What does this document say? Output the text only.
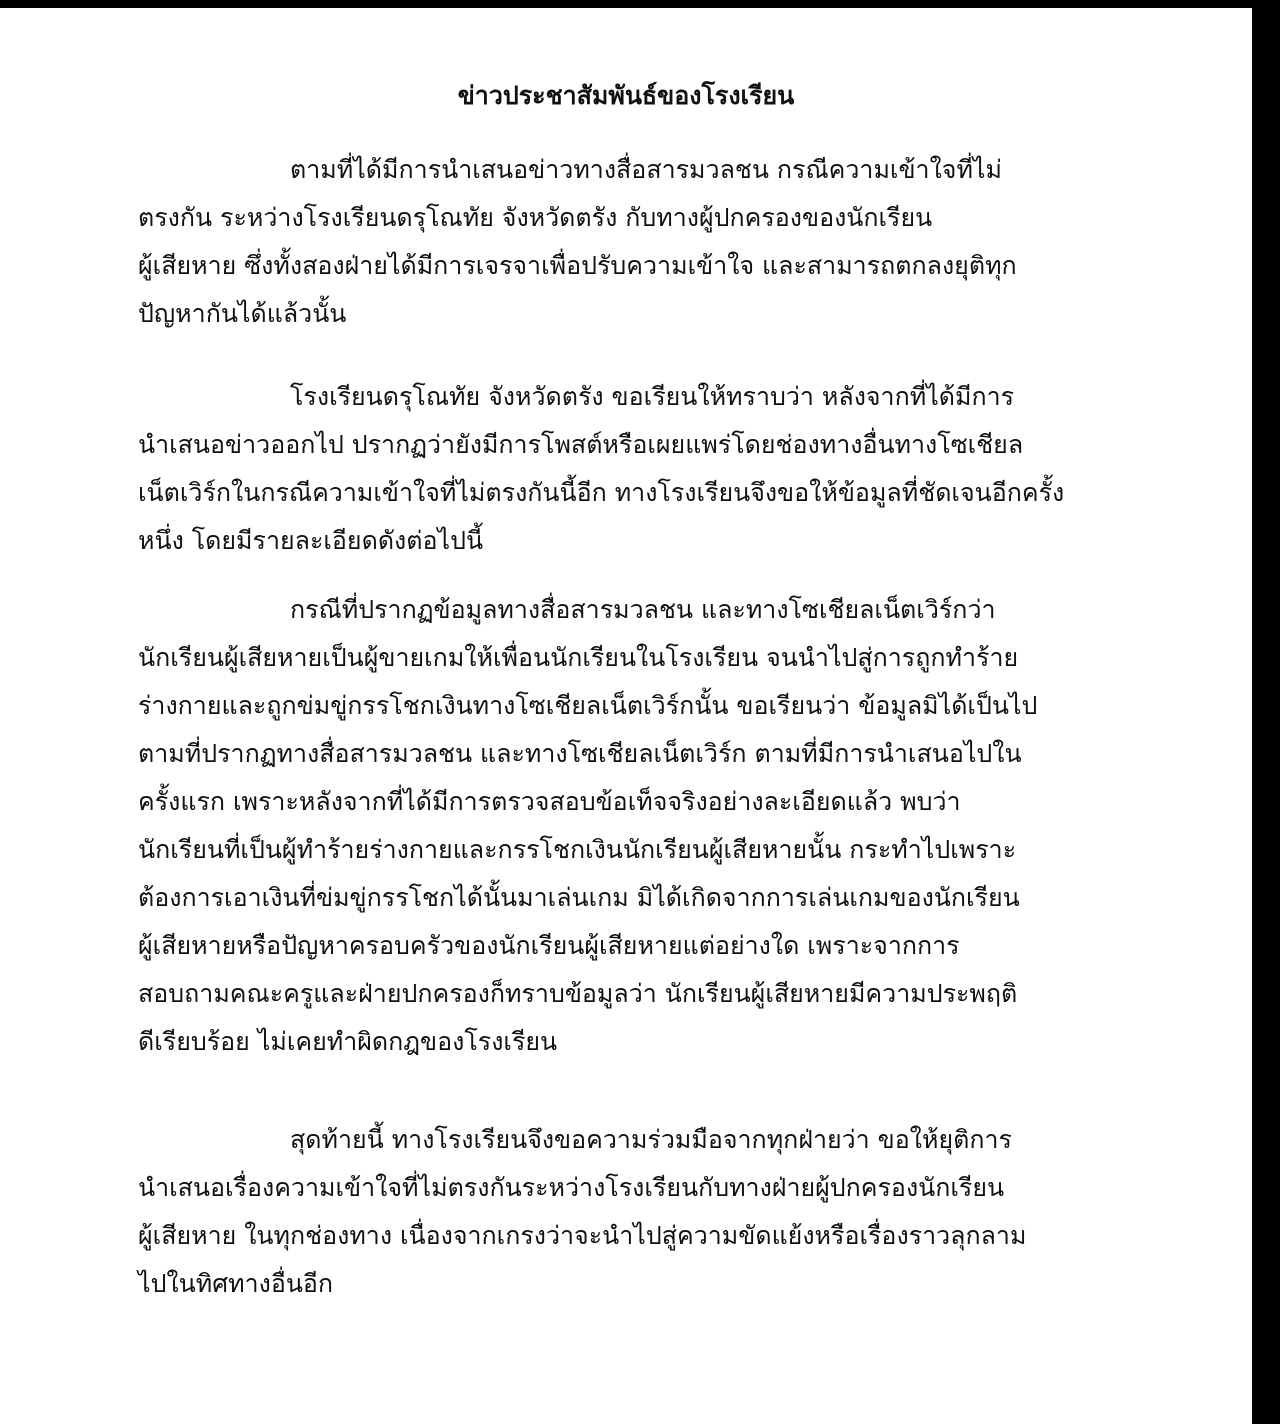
ข่าวประชาสัมพันธ์ของโรงเรียน
ตามที่ได้มีการนำเสนอข่าวทางสื่อสารมวลชน กรณีความเข้าใจที่ไม่
ตรงกัน ระหว่างโรงเรียนดรุโณทัย จังหวัดตรัง กับทางผู้ปกครองของนักเรียน
ผู้เสียหาย ซึ่งทั้งสองฝ่ายได้มีการเจรจาเพื่อปรับความเข้าใจ และสามารถตกลงยุติทุก
ปัญหากันได้แล้วนั้น
โรงเรียนดรุโณทัย จังหวัดตรัง ขอเรียนให้ทราบว่า หลังจากที่ได้มีการ
นำเสนอข่าวออกไป ปรากฏว่ายังมีการโพสต์หรือเผยแพร่โดยช่องทางอื่นทางโซเชียล
เน็ตเวิร์กในกรณีความเข้าใจที่ไม่ตรงกันนี้อีก ทางโรงเรียนจึงขอให้ข้อมูลที่ชัดเจนอีกครั้ง
หนึ่ง โดยมีรายละเอียดดังต่อไปนี้
กรณีที่ปรากฏข้อมูลทางสื่อสารมวลชน และทางโซเชียลเน็ตเวิร์กว่า
นักเรียนผู้เสียหายเป็นผู้ขายเกมให้เพื่อนนักเรียนในโรงเรียน จนนำไปสู่การถูกทำร้าย
ร่างกายและถูกข่มขู่กรรโชกเงินทางโซเชียลเน็ตเวิร์กนั้น ขอเรียนว่า ข้อมูลมิได้เป็นไป
ตามที่ปรากฏทางสื่อสารมวลชน และทางโซเชียลเน็ตเวิร์ก ตามที่มีการนำเสนอไปใน
ครั้งแรก เพราะหลังจากที่ได้มีการตรวจสอบข้อเท็จจริงอย่างละเอียดแล้ว พบว่า
นักเรียนที่เป็นผู้ทำร้ายร่างกายและกรรโชกเงินนักเรียนผู้เสียหายนั้น กระทำไปเพราะ
ต้องการเอาเงินที่ข่มขู่กรรโชกได้นั้นมาเล่นเกม มิได้เกิดจากการเล่นเกมของนักเรียน
ผู้เสียหายหรือปัญหาครอบครัวของนักเรียนผู้เสียหายแต่อย่างใด เพราะจากการ
สอบถามคณะครูและฝ่ายปกครองก็ทราบข้อมูลว่า นักเรียนผู้เสียหายมีความประพฤติ
ดีเรียบร้อย ไม่เคยทำผิดกฎของโรงเรียน
สุดท้ายนี้ ทางโรงเรียนจึงขอความร่วมมือจากทุกฝ่ายว่า ขอให้ยุติการ
นำเสนอเรื่องความเข้าใจที่ไม่ตรงกันระหว่างโรงเรียนกับทางฝ่ายผู้ปกครองนักเรียน
ผู้เสียหาย ในทุกช่องทาง เนื่องจากเกรงว่าจะนำไปสู่ความขัดแย้งหรือเรื่องราวลุกลาม
ไปในทิศทางอื่นอีก
